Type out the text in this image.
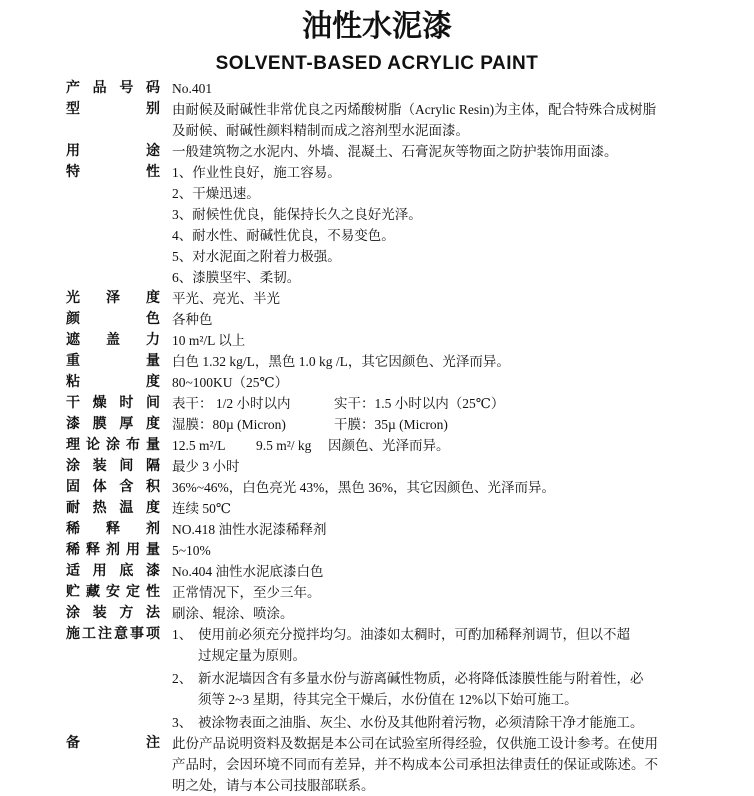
油性水泥漆
SOLVENT-BASED ACRYLIC PAINT
产品号码 No.401
型别 由耐候及耐碱性非常优良之丙烯酸树脂（Acrylic Resin)为主体，配合特殊合成树脂
及耐候、耐碱性颜料精制而成之溶剂型水泥面漆。
用途 一般建筑物之水泥内、外墙、混凝土、石膏泥灰等物面之防护装饰用面漆。
特性 1、作业性良好，施工容易。
2、干燥迅速。
3、耐候性优良，能保持长久之良好光泽。
4、耐水性、耐碱性优良，不易变色。
5、对水泥面之附着力极强。
6、漆膜坚牢、柔韧。
光泽度 平光、亮光、半光
颜色 各种色
遮盖力 10 m²/L 以上
重量 白色 1.32 kg/L，黑色 1.0 kg /L，其它因颜色、光泽而异。
粘度 80~100KU（25℃）
干燥时间 表干： 1/2 小时以内	实干：1.5 小时以内（25℃）
漆膜厚度 湿膜：80µ (Micron)	干膜：35µ (Micron)
理论涂布量 12.5 m²/L 9.5 m²/ kg 因颜色、光泽而异。
涂装间隔 最少 3 小时
固体含积 36%~46%，白色亮光 43%，黑色 36%，其它因颜色、光泽而异。
耐热温度 连续 50℃
稀释剂 NO.418 油性水泥漆稀释剂
稀释剂用量 5~10%
适用底漆 No.404 油性水泥底漆白色
贮藏安定性 正常情况下，至少三年。
涂装方法 刷涂、辊涂、喷涂。
施工注意事项 1、 使用前必须充分搅拌均匀。油漆如太稠时，可酌加稀释剂调节，但以不超
过规定量为原则。
2、 新水泥墙因含有多量水份与游离碱性物质，必将降低漆膜性能与附着性，必
须等 2~3 星期，待其完全干燥后，水份值在 12%以下始可施工。
3、 被涂物表面之油脂、灰尘、水份及其他附着污物，必须清除干净才能施工。
备注 此份产品说明资料及数据是本公司在试验室所得经验，仅供施工设计参考。在使用
产品时，会因环境不同而有差异，并不构成本公司承担法律责任的保证或陈述。不
明之处，请与本公司技服部联系。
